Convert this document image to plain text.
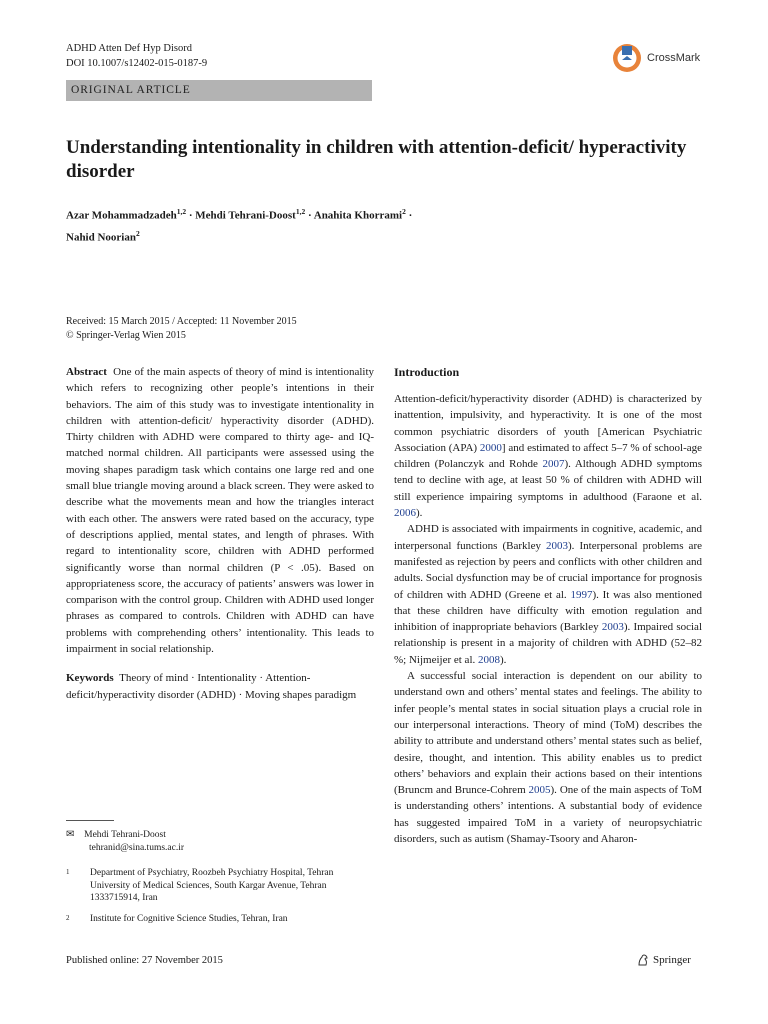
ADHD Atten Def Hyp Disord
DOI 10.1007/s12402-015-0187-9	CrossMark
ORIGINAL ARTICLE
Understanding intentionality in children with attention-deficit/ hyperactivity disorder
Azar Mohammadzadeh$^{1,2}$ · Mehdi Tehrani-Doost$^{1,2}$ · Anahita Khorrami$^2$ ·
Nahid Noorian$^2$
Received: 15 March 2015 / Accepted: 11 November 2015
© Springer-Verlag Wien 2015

Abstract One of the main aspects of theory of mind is intentionality which refers to recognizing other people’s intentions in their behaviors. The aim of this study was to investigate intentionality in children with attention-deficit/ hyperactivity disorder (ADHD). Thirty children with ADHD were compared to thirty age- and IQ-matched normal children. All participants were assessed using the moving shapes paradigm task which contains one large red and one small blue triangle moving around a black screen. They were asked to describe what the movements mean and how the triangles interact with each other. The answers were rated based on the accuracy, type of descriptions applied, mental states, and length of phrases. With regard to intentionality score, children with ADHD performed significantly worse than normal children (P < .05). Based on appropriateness score, the accuracy of patients’ answers was lower in comparison with the control group. Children with ADHD used longer phrases as compared to controls. Children with ADHD can have problems with comprehending others’ intentionality. This leads to impairment in social relationship.

Keywords Theory of mind · Intentionality · Attention-deficit/hyperactivity disorder (ADHD) · Moving shapes paradigm

✉ Mehdi Tehrani-Doost
tehranid@sina.tums.ac.ir
1	Department of Psychiatry, Roozbeh Psychiatry Hospital, Tehran University of Medical Sciences, South Kargar Avenue, Tehran 1333715914, Iran
2	Institute for Cognitive Science Studies, Tehran, Iran

Introduction

Attention-deficit/hyperactivity disorder (ADHD) is characterized by inattention, impulsivity, and hyperactivity. It is one of the most common psychiatric disorders of youth [American Psychiatric Association (APA) 2000] and estimated to affect 5–7 % of school-age children (Polanczyk and Rohde 2007). Although ADHD symptoms tend to decline with age, at least 50 % of children with ADHD will still experience impairing symptoms in adulthood (Faraone et al. 2006).

ADHD is associated with impairments in cognitive, academic, and interpersonal functions (Barkley 2003). Interpersonal problems are manifested as rejection by peers and conflicts with other children and adults. Social dysfunction may be of crucial importance for prognosis of children with ADHD (Greene et al. 1997). It was also mentioned that these children have difficulty with emotion regulation and inhibition of inappropriate behaviors (Barkley 2003). Impaired social relationship is present in a majority of children with ADHD (52–82 %; Nijmeijer et al. 2008).

A successful social interaction is dependent on our ability to understand own and others’ mental states and feelings. The ability to infer people’s mental states in social situation plays a crucial role in our interpersonal interactions. Theory of mind (ToM) describes the ability to attribute and understand others’ mental states such as belief, desire, thought, and intention. This ability enables us to predict others’ behaviors and explain their actions based on their intentions (Bruncm and Brunce-Cohrem 2005). One of the main aspects of ToM is understanding others’ intentions. A substantial body of evidence has suggested impaired ToM in a variety of neuropsychiatric disorders, such as autism (Shamay-Tsoory and Aharon-

Published online: 27 November 2015	Springer
